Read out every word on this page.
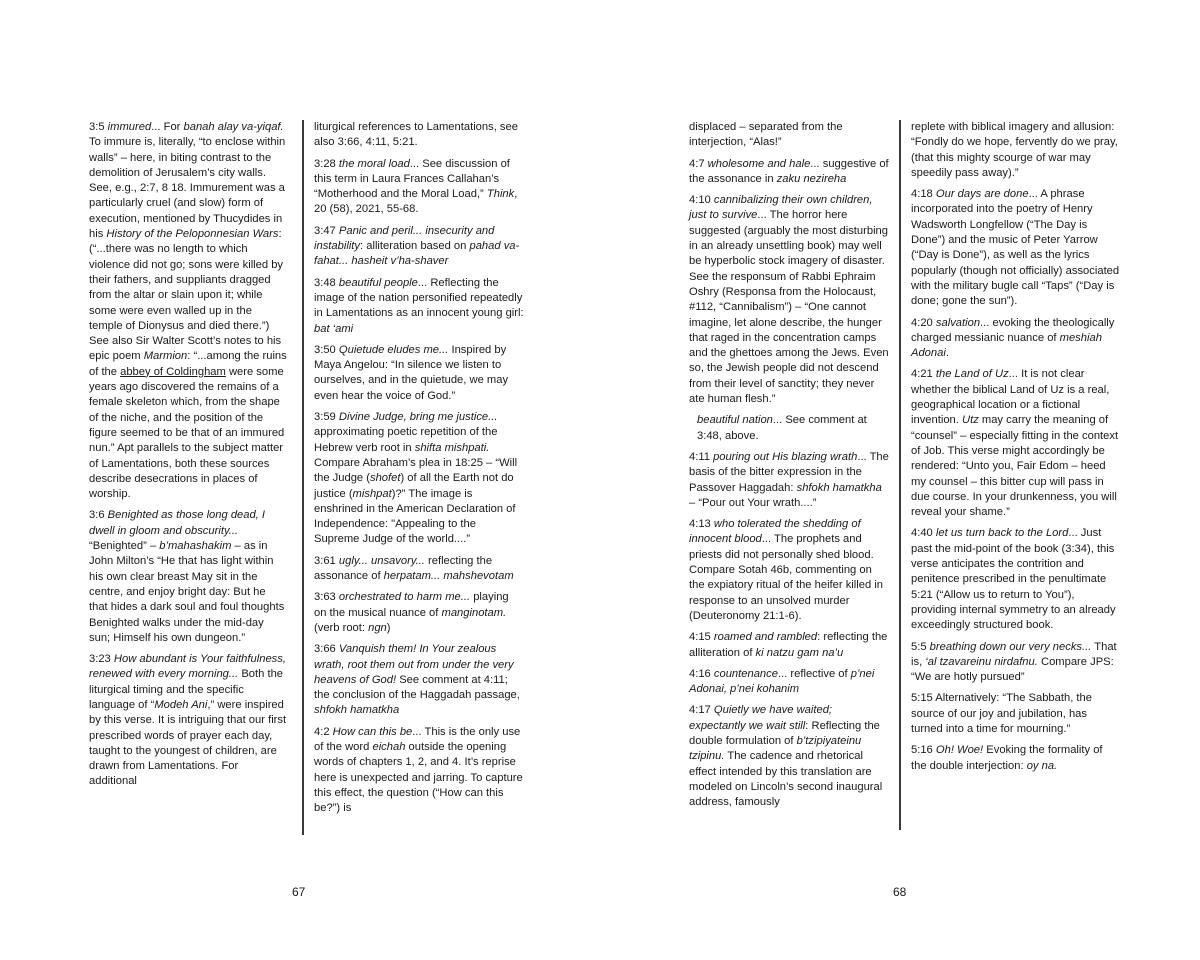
3:5 immured... For banah alay va-yiqaf. To immure is, literally, “to enclose within walls” – here, in biting contrast to the demolition of Jerusalem’s city walls. See, e.g., 2:7, 8 18. Immurement was a particularly cruel (and slow) form of execution, mentioned by Thucydides in his History of the Peloponnesian Wars: (“...there was no length to which violence did not go; sons were killed by their fathers, and suppliants dragged from the altar or slain upon it; while some were even walled up in the temple of Dionysus and died there.”) See also Sir Walter Scott’s notes to his epic poem Marmion: “...among the ruins of the abbey of Coldingham were some years ago discovered the remains of a female skeleton which, from the shape of the niche, and the position of the figure seemed to be that of an immured nun.” Apt parallels to the subject matter of Lamentations, both these sources describe desecrations in places of worship.

3:6 Benighted as those long dead, I dwell in gloom and obscurity... “Benighted” – b’mahashakim – as in John Milton’s “He that has light within his own clear breast May sit in the centre, and enjoy bright day: But he that hides a dark soul and foul thoughts Benighted walks under the mid-day sun; Himself his own dungeon.”

3:23 How abundant is Your faithfulness, renewed with every morning... Both the liturgical timing and the specific language of “Modeh Ani,” were inspired by this verse. It is intriguing that our first prescribed words of prayer each day, taught to the youngest of children, are drawn from Lamentations. For additional

liturgical references to Lamentations, see also 3:66, 4:11, 5:21.

3:28 the moral load... See discussion of this term in Laura Frances Callahan’s “Motherhood and the Moral Load,” Think, 20 (58), 2021, 55-68.

3:47 Panic and peril... insecurity and instability: alliteration based on pahad va-fahat... hasheit v’ha-shaver

3:48 beautiful people... Reflecting the image of the nation personified repeatedly in Lamentations as an innocent young girl: bat ‘ami

3:50 Quietude eludes me... Inspired by Maya Angelou: “In silence we listen to ourselves, and in the quietude, we may even hear the voice of God.”

3:59 Divine Judge, bring me justice... approximating poetic repetition of the Hebrew verb root in shifta mishpati. Compare Abraham’s plea in 18:25 – “Will the Judge (shofet) of all the Earth not do justice (mishpat)?” The image is enshrined in the American Declaration of Independence: "Appealing to the Supreme Judge of the world....”

3:61 ugly... unsavory... reflecting the assonance of herpatam... mahshevotam

3:63 orchestrated to harm me... playing on the musical nuance of manginotam. (verb root: ngn)

3:66 Vanquish them! In Your zealous wrath, root them out from under the very heavens of God! See comment at 4:11; the conclusion of the Haggadah passage, shfokh hamatkha

4:2 How can this be... This is the only use of the word eichah outside the opening words of chapters 1, 2, and 4. It’s reprise here is unexpected and jarring. To capture this effect, the question (“How can this be?”) is

displaced – separated from the interjection, “Alas!”

4:7 wholesome and hale... suggestive of the assonance in zaku nezireha

4:10 cannibalizing their own children, just to survive... The horror here suggested (arguably the most disturbing in an already unsettling book) may well be hyperbolic stock imagery of disaster. See the responsum of Rabbi Ephraim Oshry (Responsa from the Holocaust, #112, “Cannibalism”) – “One cannot imagine, let alone describe, the hunger that raged in the concentration camps and the ghettoes among the Jews. Even so, the Jewish people did not descend from their level of sanctity; they never ate human flesh.”

beautiful nation... See comment at 3:48, above.

4:11 pouring out His blazing wrath... The basis of the bitter expression in the Passover Haggadah: shfokh hamatkha – “Pour out Your wrath....”

4:13 who tolerated the shedding of innocent blood... The prophets and priests did not personally shed blood. Compare Sotah 46b, commenting on the expiatory ritual of the heifer killed in response to an unsolved murder (Deuteronomy 21:1-6).

4:15 roamed and rambled: reflecting the alliteration of ki natzu gam na’u

4:16 countenance... reflective of p’nei Adonai, p’nei kohanim

4:17 Quietly we have waited; expectantly we wait still: Reflecting the double formulation of b’tzipiyateinu tzipinu. The cadence and rhetorical effect intended by this translation are modeled on Lincoln’s second inaugural address, famously

replete with biblical imagery and allusion: “Fondly do we hope, fervently do we pray, (that this mighty scourge of war may speedily pass away).”

4:18 Our days are done... A phrase incorporated into the poetry of Henry Wadsworth Longfellow (“The Day is Done”) and the music of Peter Yarrow (“Day is Done”), as well as the lyrics popularly (though not officially) associated with the military bugle call “Taps” (“Day is done; gone the sun”).

4:20 salvation... evoking the theologically charged messianic nuance of meshiah Adonai.

4:21 the Land of Uz... It is not clear whether the biblical Land of Uz is a real, geographical location or a fictional invention. Utz may carry the meaning of “counsel” – especially fitting in the context of Job. This verse might accordingly be rendered: “Unto you, Fair Edom – heed my counsel – this bitter cup will pass in due course. In your drunkenness, you will reveal your shame.”

4:40 let us turn back to the Lord... Just past the mid-point of the book (3:34), this verse anticipates the contrition and penitence prescribed in the penultimate 5:21 (“Allow us to return to You”), providing internal symmetry to an already exceedingly structured book.

5:5 breathing down our very necks... That is, ‘al tzavareinu nirdafnu. Compare JPS: “We are hotly pursued”

5:15 Alternatively: “The Sabbath, the source of our joy and jubilation, has turned into a time for mourning.”

5:16 Oh! Woe! Evoking the formality of the double interjection: oy na.

67	68
